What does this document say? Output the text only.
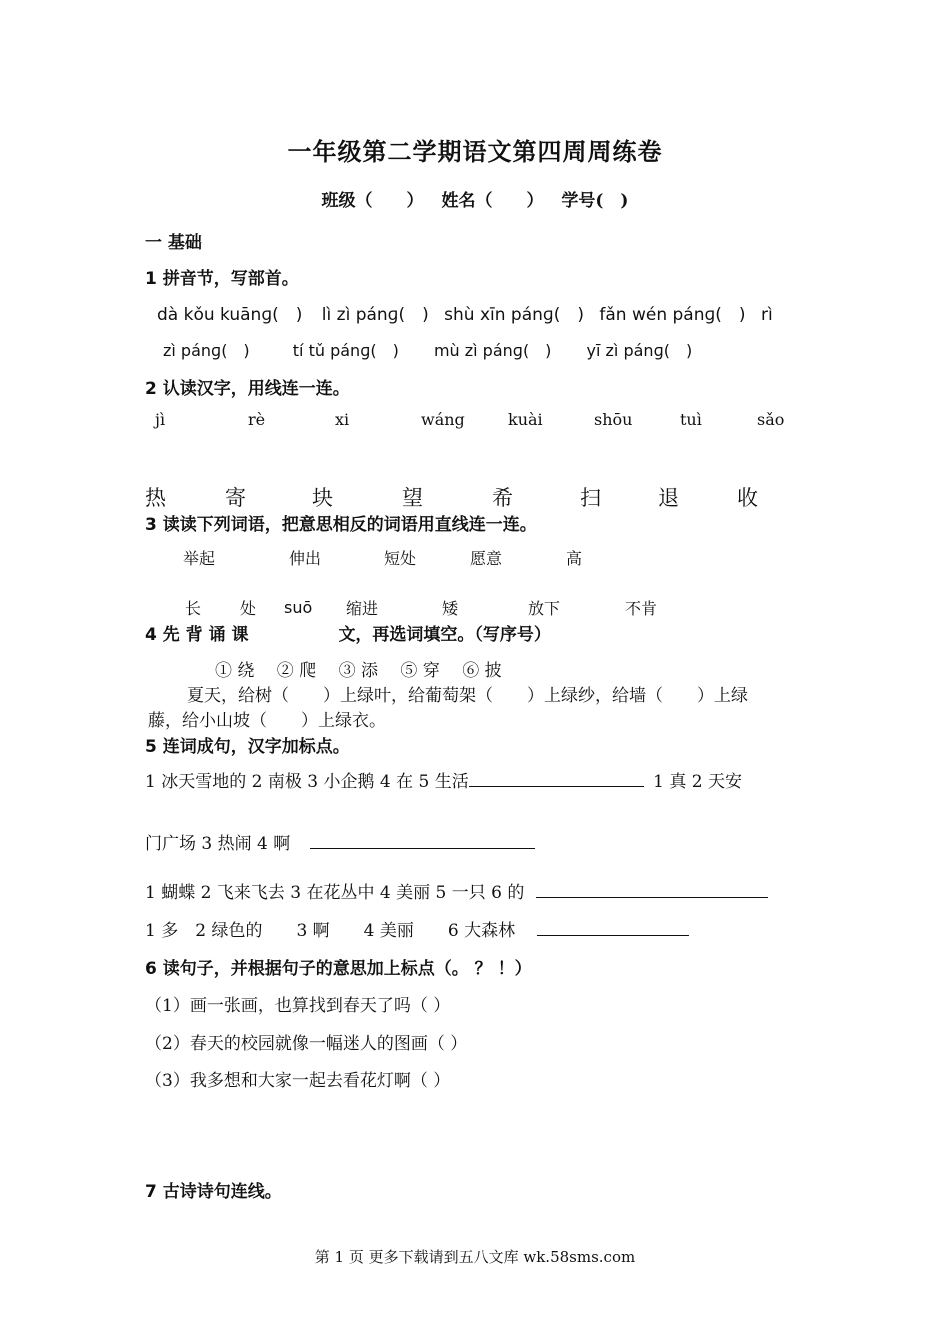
一年级第二学期语文第四周周练卷
班级（　　） 姓名（　　） 学号(　)
一 基础
1 拼音节，写部首。
dà kǒu kuānɡ(　) lì zì pánɡ(　) shù xīn pánɡ(　) fǎn wén pánɡ(　) rì
zì pánɡ(　)	tí tǔ pánɡ(　) mù zì pánɡ(　) yī zì pánɡ(　)
2 认读汉字，用线连一连。
jì	rè	xi	wáng	kuài	shōu	tuì	sǎo
热	寄	块	望	希	扫	退	收
3 读读下列词语，把意思相反的词语用直线连一连。
举起	伸出	短处	愿意	高
长 处 suō 缩进	矮	放下	不肯
4 先 背 诵 课	文，再选词填空。（写序号）
① 绕　 ② 爬　 ③ 添　 ⑤ 穿　 ⑥ 披
夏天，给树（　　）上绿叶，给葡萄架（　　）上绿纱，给墙（　　）上绿
藤，给小山坡（　　）上绿衣。
5 连词成句，汉字加标点。
1 冰天雪地的 2 南极 3 小企鹅 4 在 5 生活	1 真 2 天安
门广场 3 热闹 4 啊
1 蝴蝶 2 飞来飞去 3 在花丛中 4 美丽 5 一只 6 的
1 多　2 绿色的　　3 啊　　4 美丽　　6 大森林
6 读句子，并根据句子的意思加上标点（。 ？ ！）
（1）画一张画，也算找到春天了吗（ ）
（2）春天的校园就像一幅迷人的图画（ ）
（3）我多想和大家一起去看花灯啊（ ）
7 古诗诗句连线。
第 1 页 更多下载请到五八文库 wk.58sms.com
